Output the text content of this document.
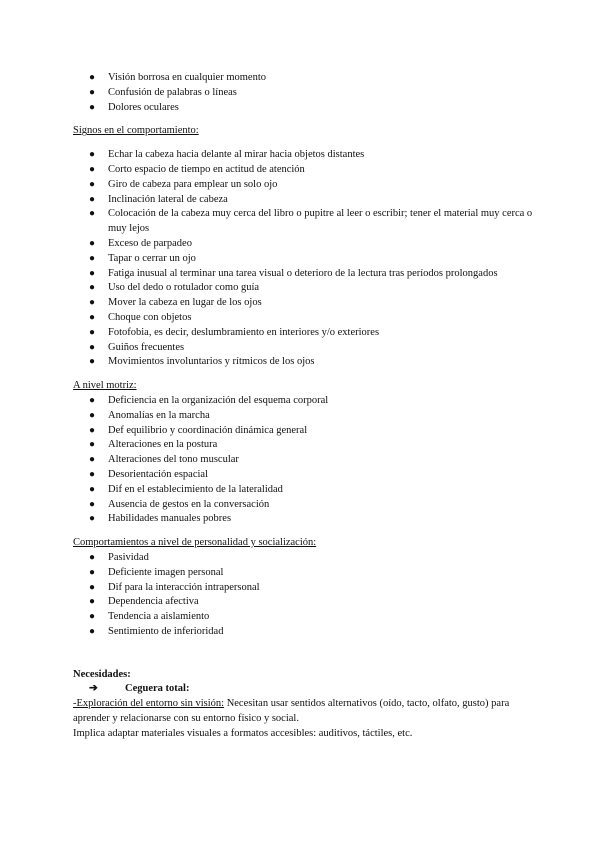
● Visión borrosa en cualquier momento
● Confusión de palabras o líneas
● Dolores oculares
Signos en el comportamiento:
● Echar la cabeza hacia delante al mirar hacia objetos distantes
● Corto espacio de tiempo en actitud de atención
● Giro de cabeza para emplear un solo ojo
● Inclinación lateral de cabeza
● Colocación de la cabeza muy cerca del libro o pupitre al leer o escribir; tener el material muy cerca o muy lejos
● Exceso de parpadeo
● Tapar o cerrar un ojo
● Fatiga inusual al terminar una tarea visual o deterioro de la lectura tras períodos prolongados
● Uso del dedo o rotulador como guía
● Mover la cabeza en lugar de los ojos
● Choque con objetos
● Fotofobia, es decir, deslumbramiento en interiores y/o exteriores
● Guiños frecuentes
● Movimientos involuntarios y rítmicos de los ojos
A nivel motriz:
● Deficiencia en la organización del esquema corporal
● Anomalías en la marcha
● Def equilibrio y coordinación dinámica general
● Alteraciones en la postura
● Alteraciones del tono muscular
● Desorientación espacial
● Dif en el establecimiento de la lateralidad
● Ausencia de gestos en la conversación
● Habilidades manuales pobres
Comportamientos a nivel de personalidad y socialización:
● Pasividad
● Deficiente imagen personal
● Dif para la interacción intrapersonal
● Dependencia afectiva
● Tendencia a aislamiento
● Sentimiento de inferioridad
Necesidades:
➔	Ceguera total:
-Exploración del entorno sin visión: Necesitan usar sentidos alternativos (oído, tacto, olfato, gusto) para aprender y relacionarse con su entorno físico y social.
Implica adaptar materiales visuales a formatos accesibles: auditivos, táctiles, etc.
